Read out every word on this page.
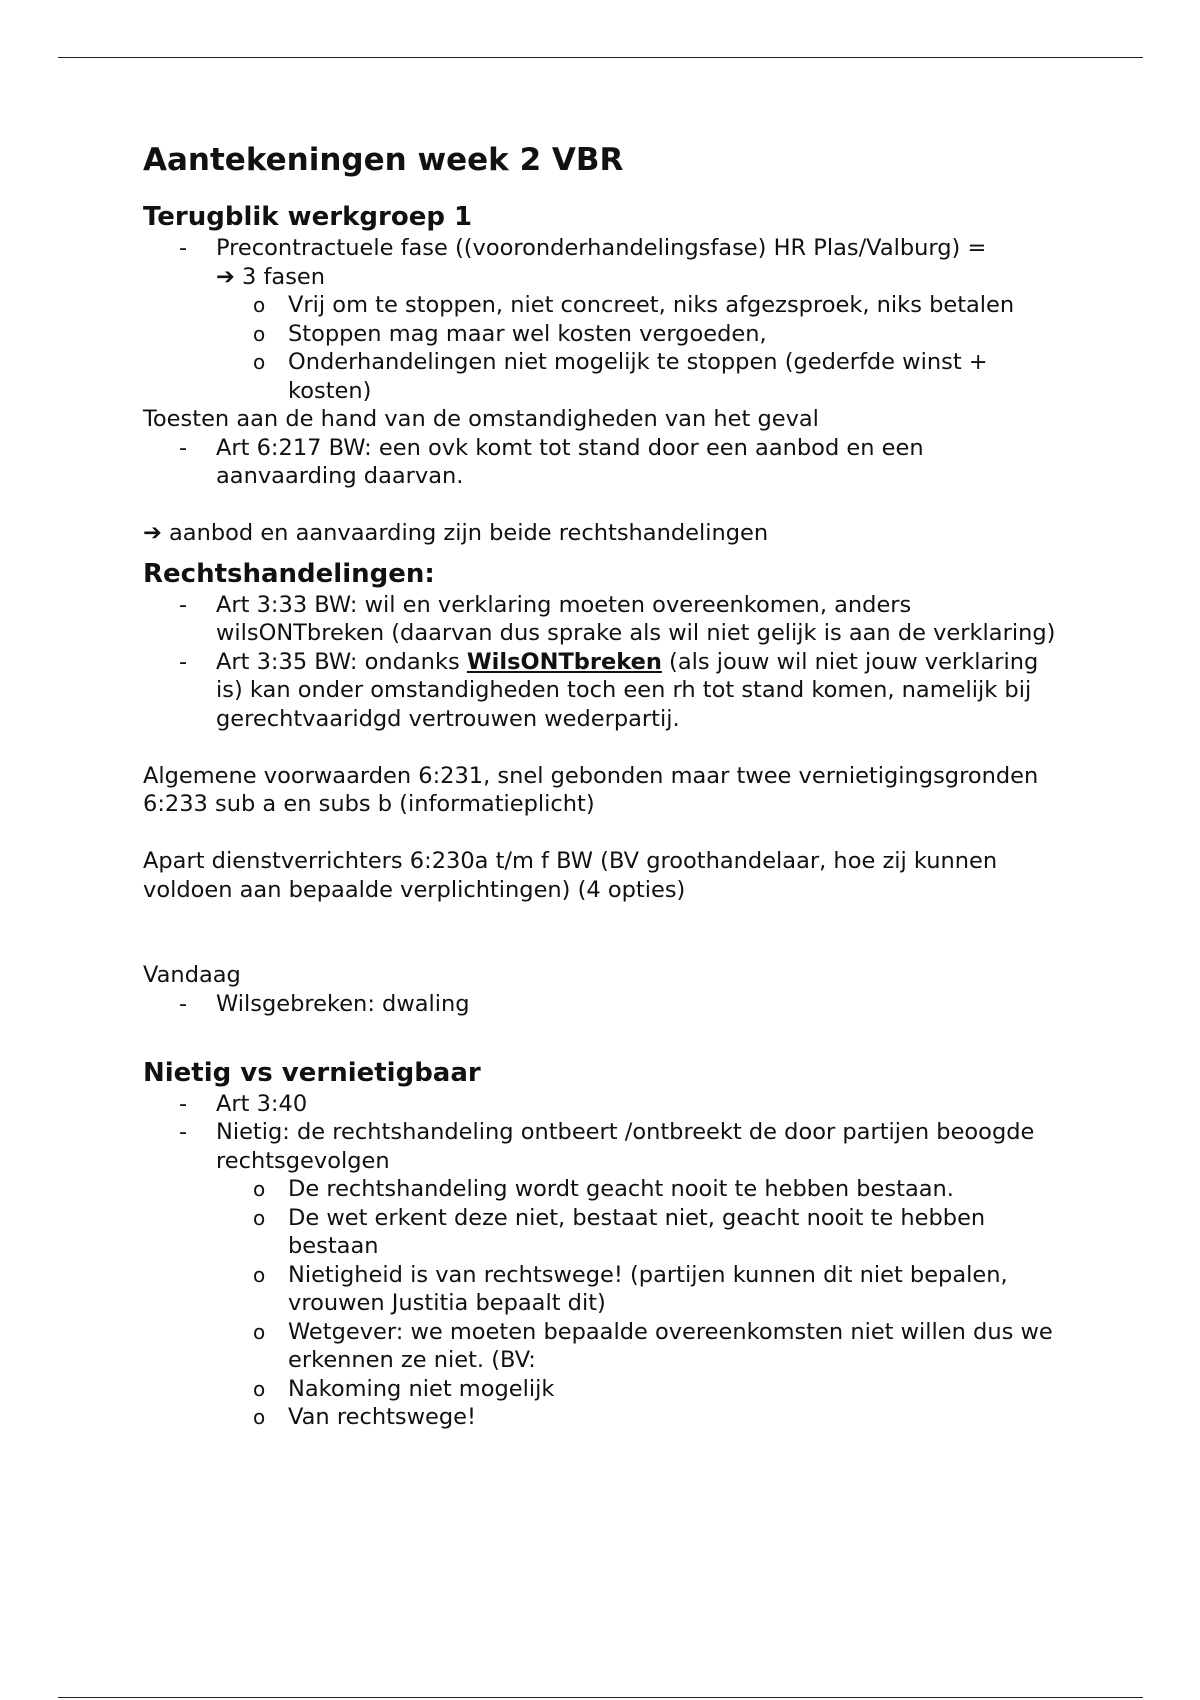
Aantekeningen week 2 VBR
Terugblik werkgroep 1
- Precontractuele fase ((vooronderhandelingsfase) HR Plas/Valburg) =
➔ 3 fasen
o Vrij om te stoppen, niet concreet, niks afgezsproek, niks betalen
o Stoppen mag maar wel kosten vergoeden,
o Onderhandelingen niet mogelijk te stoppen (gederfde winst + kosten)
Toesten aan de hand van de omstandigheden van het geval
- Art 6:217 BW: een ovk komt tot stand door een aanbod en een aanvaarding daarvan.
➔ aanbod en aanvaarding zijn beide rechtshandelingen
Rechtshandelingen:
- Art 3:33 BW: wil en verklaring moeten overeenkomen, anders wilsONTbreken (daarvan dus sprake als wil niet gelijk is aan de verklaring)
- Art 3:35 BW: ondanks WilsONTbreken (als jouw wil niet jouw verklaring is) kan onder omstandigheden toch een rh tot stand komen, namelijk bij gerechtvaaridgd vertrouwen wederpartij.
Algemene voorwaarden 6:231, snel gebonden maar twee vernietigingsgronden 6:233 sub a en subs b (informatieplicht)
Apart dienstverrichters 6:230a t/m f BW (BV groothandelaar, hoe zij kunnen voldoen aan bepaalde verplichtingen) (4 opties)
Vandaag
- Wilsgebreken: dwaling
Nietig vs vernietigbaar
- Art 3:40
- Nietig: de rechtshandeling ontbeert /ontbreekt de door partijen beoogde rechtsgevolgen
o De rechtshandeling wordt geacht nooit te hebben bestaan.
o De wet erkent deze niet, bestaat niet, geacht nooit te hebben bestaan
o Nietigheid is van rechtswege! (partijen kunnen dit niet bepalen, vrouwen Justitia bepaalt dit)
o Wetgever: we moeten bepaalde overeenkomsten niet willen dus we erkennen ze niet. (BV:
o Nakoming niet mogelijk
o Van rechtswege!
